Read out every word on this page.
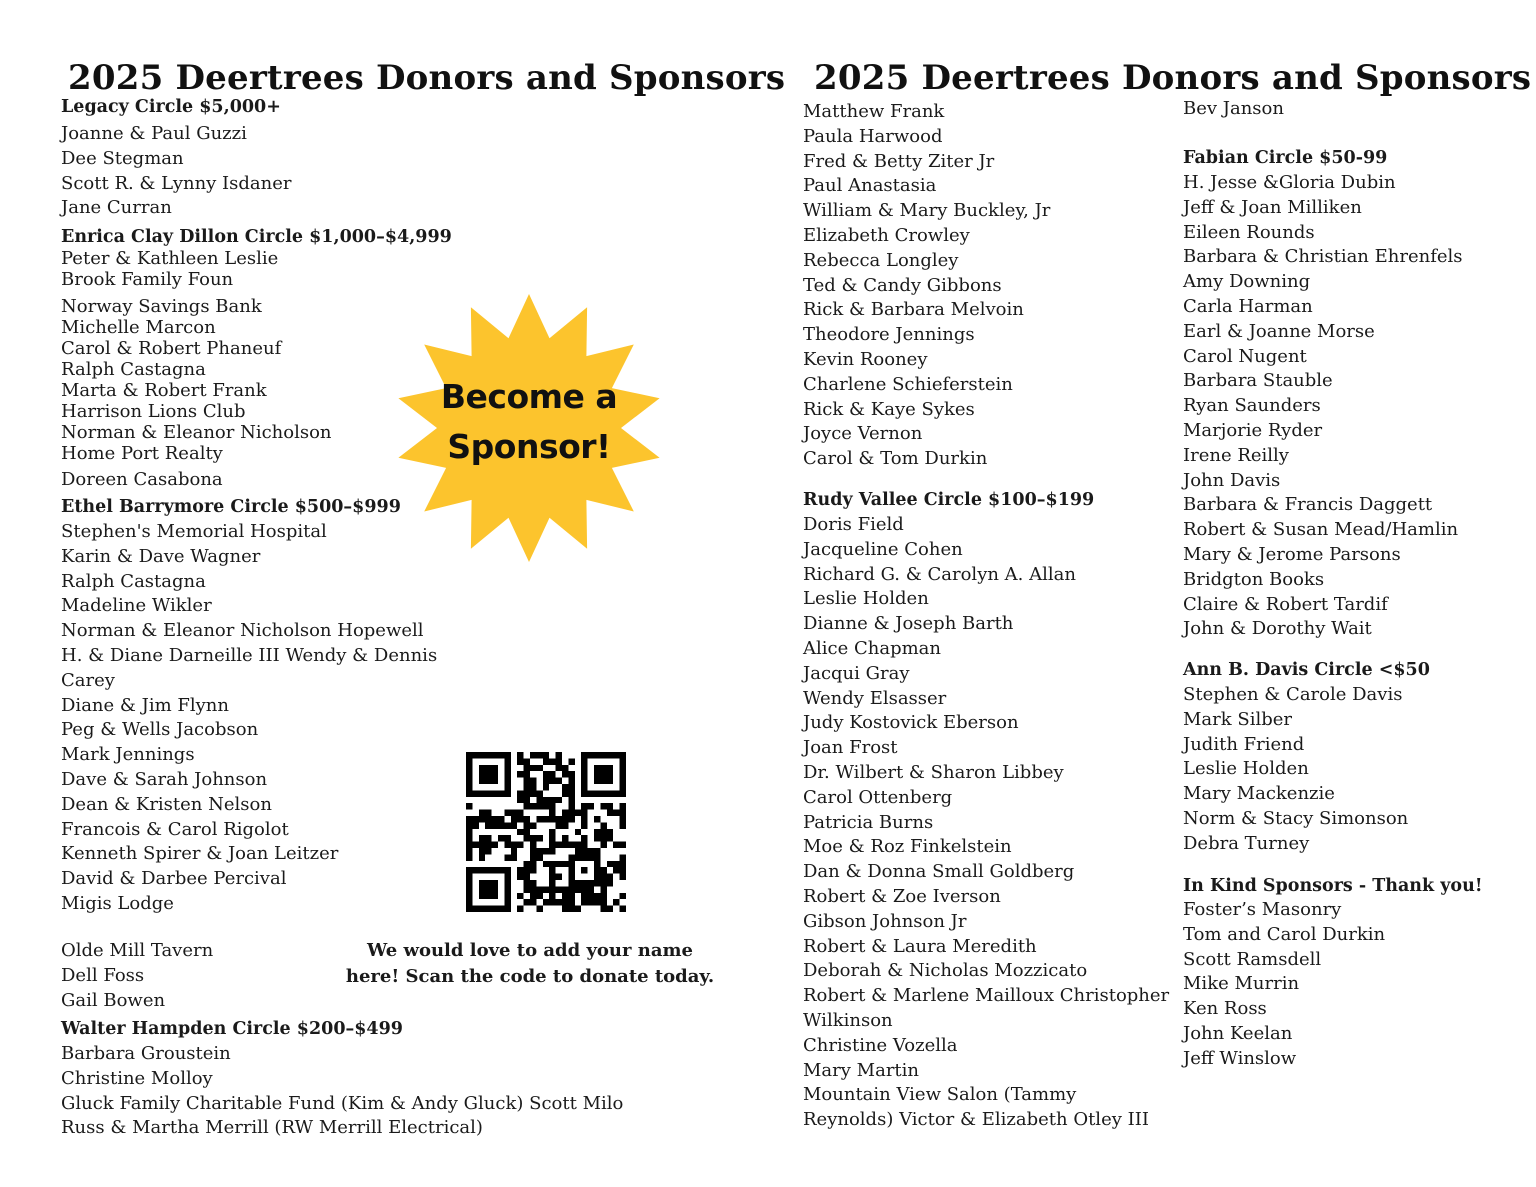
2025 Deertrees Donors and Sponsors
Legacy Circle $5,000+
Joanne & Paul Guzzi
Dee Stegman
Scott R. & Lynny Isdaner
Jane Curran
Enrica Clay Dillon Circle $1,000–$4,999
Peter & Kathleen Leslie
Brook Family Foun
Norway Savings Bank
Michelle Marcon
Carol & Robert Phaneuf
Ralph Castagna
Marta & Robert Frank
Harrison Lions Club
Norman & Eleanor Nicholson
Home Port Realty
Doreen Casabona
Ethel Barrymore Circle $500–$999
Stephen's Memorial Hospital
Karin & Dave Wagner
Ralph Castagna
Madeline Wikler
Norman & Eleanor Nicholson Hopewell
H. & Diane Darneille III Wendy & Dennis
Carey
Diane & Jim Flynn
Peg & Wells Jacobson
Mark Jennings
Dave & Sarah Johnson
Dean & Kristen Nelson
Francois & Carol Rigolot
Kenneth Spirer & Joan Leitzer
David & Darbee Percival
Migis Lodge
Olde Mill Tavern
Dell Foss
Gail Bowen
Walter Hampden Circle $200–$499
Barbara Groustein
Christine Molloy
Gluck Family Charitable Fund (Kim & Andy Gluck) Scott Milo
Russ & Martha Merrill (RW Merrill Electrical)
Become a
Sponsor!
We would love to add your name
here! Scan the code to donate today.
2025 Deertrees Donors and Sponsors
Matthew Frank
Paula Harwood
Fred & Betty Ziter Jr
Paul Anastasia
William & Mary Buckley, Jr
Elizabeth Crowley
Rebecca Longley
Ted & Candy Gibbons
Rick & Barbara Melvoin
Theodore Jennings
Kevin Rooney
Charlene Schieferstein
Rick & Kaye Sykes
Joyce Vernon
Carol & Tom Durkin
Rudy Vallee Circle $100–$199
Doris Field
Jacqueline Cohen
Richard G. & Carolyn A. Allan
Leslie Holden
Dianne & Joseph Barth
Alice Chapman
Jacqui Gray
Wendy Elsasser
Judy Kostovick Eberson
Joan Frost
Dr. Wilbert & Sharon Libbey
Carol Ottenberg
Patricia Burns
Moe & Roz Finkelstein
Dan & Donna Small Goldberg
Robert & Zoe Iverson
Gibson Johnson Jr
Robert & Laura Meredith
Deborah & Nicholas Mozzicato
Robert & Marlene Mailloux Christopher
Wilkinson
Christine Vozella
Mary Martin
Mountain View Salon (Tammy
Reynolds) Victor & Elizabeth Otley III
Bev Janson
Fabian Circle $50-99
H. Jesse &Gloria Dubin
Jeff & Joan Milliken
Eileen Rounds
Barbara & Christian Ehrenfels
Amy Downing
Carla Harman
Earl & Joanne Morse
Carol Nugent
Barbara Stauble
Ryan Saunders
Marjorie Ryder
Irene Reilly
John Davis
Barbara & Francis Daggett
Robert & Susan Mead/Hamlin
Mary & Jerome Parsons
Bridgton Books
Claire & Robert Tardif
John & Dorothy Wait
Ann B. Davis Circle <$50
Stephen & Carole Davis
Mark Silber
Judith Friend
Leslie Holden
Mary Mackenzie
Norm & Stacy Simonson
Debra Turney
In Kind Sponsors - Thank you!
Foster’s Masonry
Tom and Carol Durkin
Scott Ramsdell
Mike Murrin
Ken Ross
John Keelan
Jeff Winslow
